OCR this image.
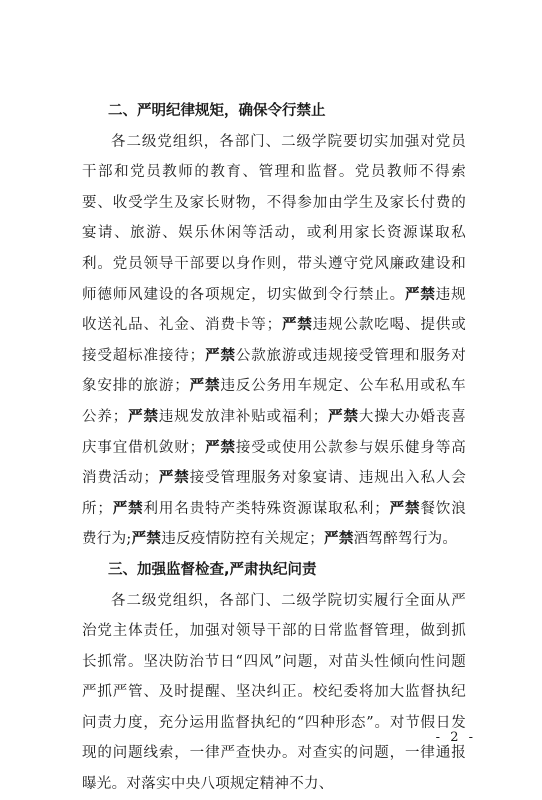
二、严明纪律规矩，确保令行禁止

各二级党组织，各部门、二级学院要切实加强对党员干部和党员教师的教育、管理和监督。党员教师不得索要、收受学生及家长财物，不得参加由学生及家长付费的宴请、旅游、娱乐休闲等活动，或利用家长资源谋取私利。党员领导干部要以身作则，带头遵守党风廉政建设和师德师风建设的各项规定，切实做到令行禁止。严禁违规收送礼品、礼金、消费卡等；严禁违规公款吃喝、提供或接受超标准接待；严禁公款旅游或违规接受管理和服务对象安排的旅游；严禁违反公务用车规定、公车私用或私车公养；严禁违规发放津补贴或福利；严禁大操大办婚丧喜庆事宜借机敛财；严禁接受或使用公款参与娱乐健身等高消费活动；严禁接受管理服务对象宴请、违规出入私人会所；严禁利用名贵特产类特殊资源谋取私利；严禁餐饮浪费行为;严禁违反疫情防控有关规定；严禁酒驾醉驾行为。

三、加强监督检查,严肃执纪问责

各二级党组织，各部门、二级学院切实履行全面从严治党主体责任，加强对领导干部的日常监督管理，做到抓长抓常。坚决防治节日“四风”问题，对苗头性倾向性问题严抓严管、及时提醒、坚决纠正。校纪委将加大监督执纪问责力度，充分运用监督执纪的“四种形态”。对节假日发现的问题线索，一律严查快办。对查实的问题，一律通报曝光。对落实中央八项规定精神不力、

- 2 -
